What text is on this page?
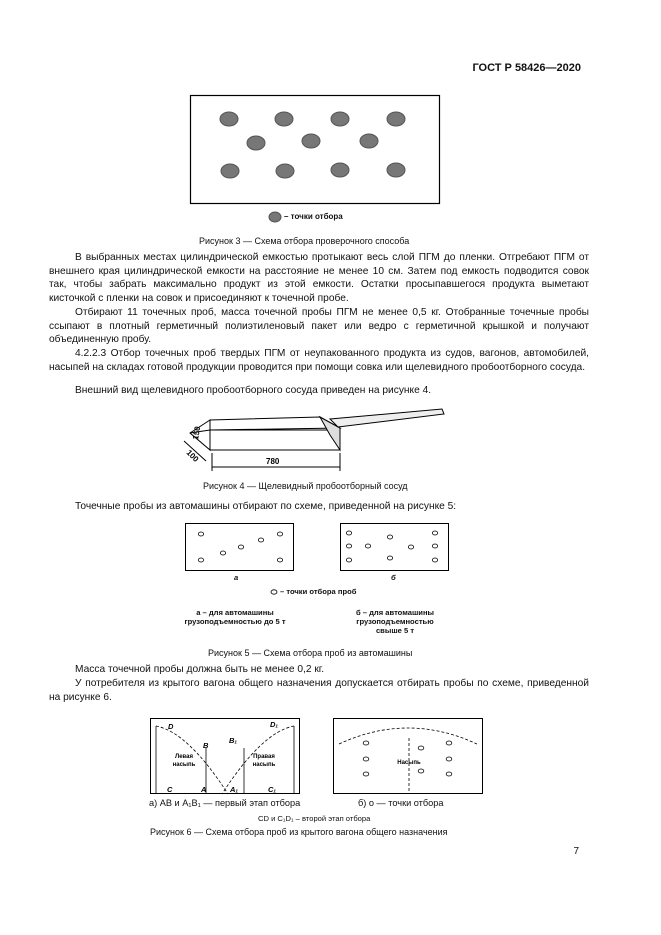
ГОСТ Р 58426—2020
– точки отбора
Рисунок 3 — Схема отбора проверочного способа
В выбранных местах цилиндрической емкостью протыкают весь слой ПГМ до пленки. Отгребают ПГМ от внешнего края цилиндрической емкости на расстояние не менее 10 см. Затем под емкость подводится совок так, чтобы забрать максимально продукт из этой емкости. Остатки просыпавшегося продукта выметают кисточкой с пленки на совок и присоединяют к точечной пробе.
Отбирают 11 точечных проб, масса точечной пробы ПГМ не менее 0,5 кг. Отобранные точечные пробы ссыпают в плотный герметичный полиэтиленовый пакет или ведро с герметичной крышкой и получают объединенную пробу.
4.2.2.3 Отбор точечных проб твердых ПГМ от неупакованного продукта из судов, вагонов, автомобилей, насыпей на складах готовой продукции проводится при помощи совка или щелевидного пробоотборного сосуда.
Внешний вид щелевидного пробоотборного сосуда приведен на рисунке 4.
150
100	780
Рисунок 4 — Щелевидный пробоотборный сосуд
Точечные пробы из автомашины отбирают по схеме, приведенной на рисунке 5:
а	б
– точки отбора проб
а – для автомашины
грузоподъемностью до 5 т
б – для автомашины
грузоподъемностью
свыше 5 т
Рисунок 5 — Схема отбора проб из автомашины
Масса точечной пробы должна быть не менее 0,2 кг.
У потребителя из крытого вагона общего назначения допускается отбирать пробы по схеме, приведенной на рисунке 6.
D
B
B₁
D₁
C	A	A₁	C₁
Левая
насыпь
Правая
насыпь	Насыпь
а) AB и A₁B₁ — первый этап отбора	б) о — точки отбора
CD и C₁D₁ – второй этап отбора
Рисунок 6 — Схема отбора проб из крытого вагона общего назначения
7
